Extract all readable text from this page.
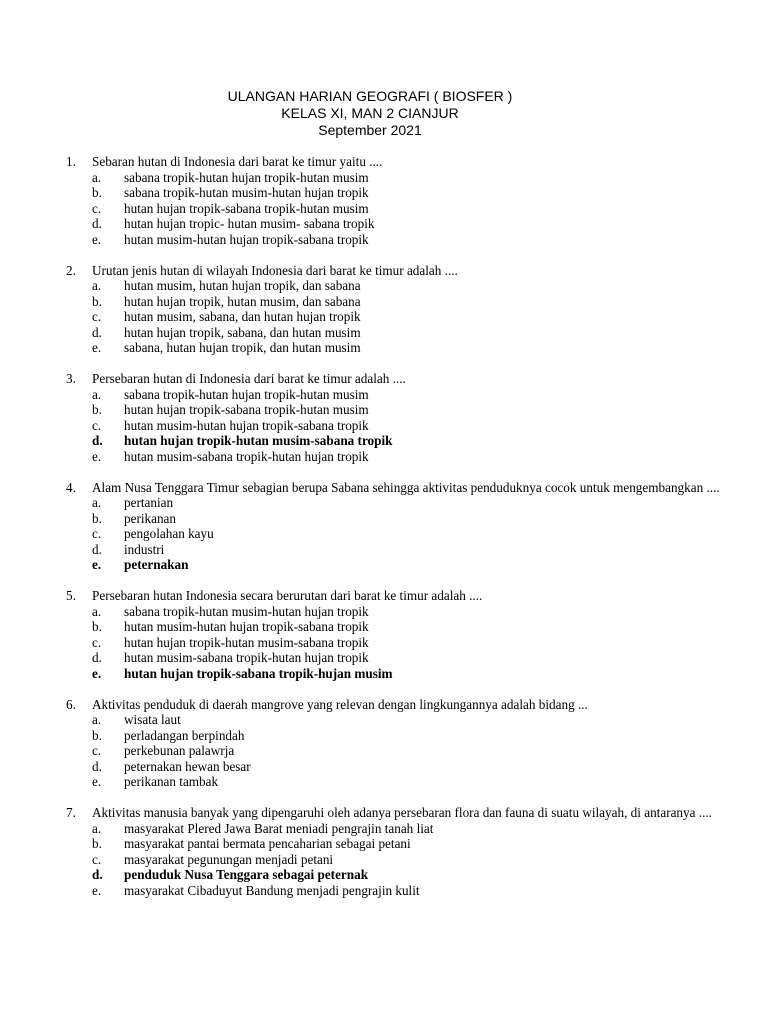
ULANGAN HARIAN GEOGRAFI ( BIOSFER )
KELAS XI, MAN 2 CIANJUR
September 2021
1.	Sebaran hutan di Indonesia dari barat ke timur yaitu ....
a.	sabana tropik-hutan hujan tropik-hutan musim
b.	sabana tropik-hutan musim-hutan hujan tropik
c.	hutan hujan tropik-sabana tropik-hutan musim
d.	hutan hujan tropic- hutan musim- sabana tropik
e.	hutan musim-hutan hujan tropik-sabana tropik
2.	Urutan jenis hutan di wilayah Indonesia dari barat ke timur adalah ....
a.	hutan musim, hutan hujan tropik, dan sabana
b.	hutan hujan tropik, hutan musim, dan sabana
c.	hutan musim, sabana, dan hutan hujan tropik
d.	hutan hujan tropik, sabana, dan hutan musim
e.	sabana, hutan hujan tropik, dan hutan musim
3.	Persebaran hutan di Indonesia dari barat ke timur adalah ....
a.	sabana tropik-hutan hujan tropik-hutan musim
b.	hutan hujan tropik-sabana tropik-hutan musim
c.	hutan musim-hutan hujan tropik-sabana tropik
d.	hutan hujan tropik-hutan musim-sabana tropik
e.	hutan musim-sabana tropik-hutan hujan tropik
4.	Alam Nusa Tenggara Timur sebagian berupa Sabana sehingga aktivitas penduduknya cocok untuk mengembangkan ....
a.	pertanian
b.	perikanan
c.	pengolahan kayu
d.	industri
e.	peternakan
5.	Persebaran hutan Indonesia secara berurutan dari barat ke timur adalah ....
a.	sabana tropik-hutan musim-hutan hujan tropik
b.	hutan musim-hutan hujan tropik-sabana tropik
c.	hutan hujan tropik-hutan musim-sabana tropik
d.	hutan musim-sabana tropik-hutan hujan tropik
e.	hutan hujan tropik-sabana tropik-hujan musim
6.	Aktivitas penduduk di daerah mangrove yang relevan dengan lingkungannya adalah bidang ...
a.	wisata laut
b.	perladangan berpindah
c.	perkebunan palawrja
d.	peternakan hewan besar
e.	perikanan tambak
7.	Aktivitas manusia banyak yang dipengaruhi oleh adanya persebaran flora dan fauna di suatu wilayah, di antaranya ....
a.	masyarakat Plered Jawa Barat meniadi pengrajin tanah liat
b.	masyarakat pantai bermata pencaharian sebagai petani
c.	masyarakat pegunungan menjadi petani
d.	penduduk Nusa Tenggara sebagai peternak
e.	masyarakat Cibaduyut Bandung menjadi pengrajin kulit
